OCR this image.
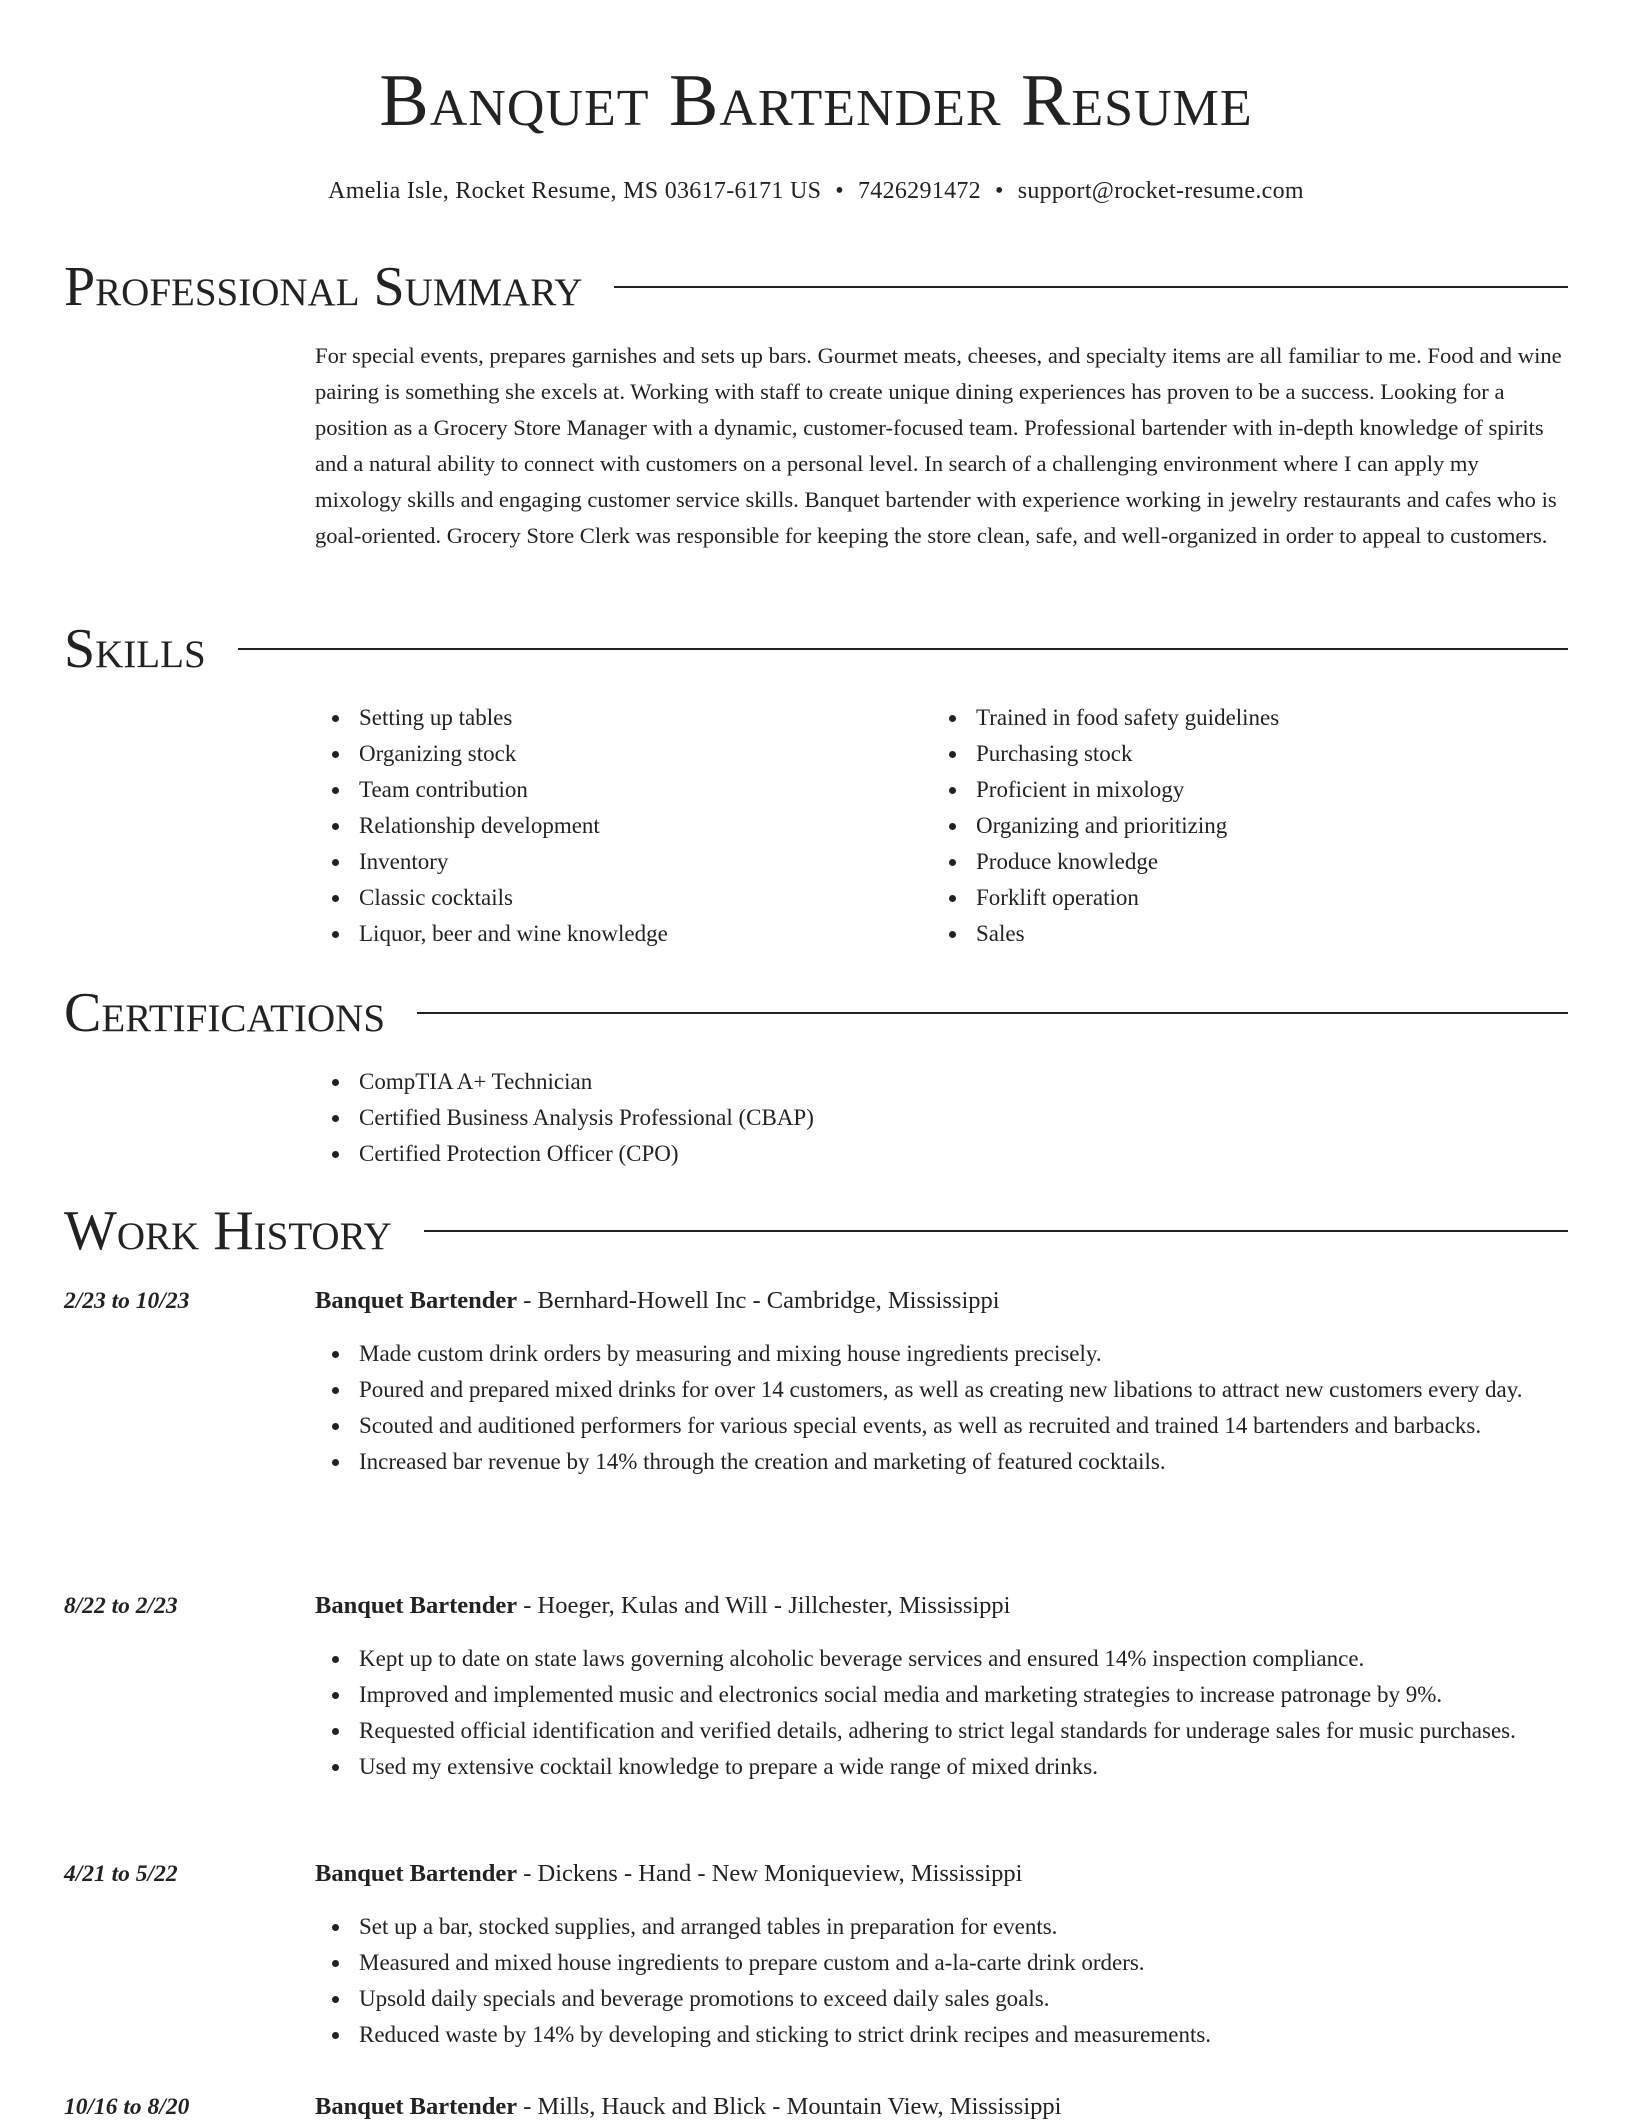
Banquet Bartender Resume
Amelia Isle, Rocket Resume, MS 03617-6171 US • 7426291472 • support@rocket-resume.com
Professional Summary

For special events, prepares garnishes and sets up bars. Gourmet meats, cheeses, and specialty items are all familiar to me. Food and wine pairing is something she excels at. Working with staff to create unique dining experiences has proven to be a success. Looking for a position as a Grocery Store Manager with a dynamic, customer-focused team. Professional bartender with in-depth knowledge of spirits and a natural ability to connect with customers on a personal level. In search of a challenging environment where I can apply my mixology skills and engaging customer service skills. Banquet bartender with experience working in jewelry restaurants and cafes who is goal-oriented. Grocery Store Clerk was responsible for keeping the store clean, safe, and well-organized in order to appeal to customers.

Skills
Setting up tables
Organizing stock
Team contribution
Relationship development
Inventory
Classic cocktails
Liquor, beer and wine knowledge
Trained in food safety guidelines
Purchasing stock
Proficient in mixology
Organizing and prioritizing
Produce knowledge
Forklift operation
Sales
Certifications
CompTIA A+ Technician
Certified Business Analysis Professional (CBAP)
Certified Protection Officer (CPO)
Work History
2/23 to 10/23	Banquet Bartender - Bernhard-Howell Inc - Cambridge, Mississippi
Made custom drink orders by measuring and mixing house ingredients precisely.
Poured and prepared mixed drinks for over 14 customers, as well as creating new libations to attract new customers every day.
Scouted and auditioned performers for various special events, as well as recruited and trained 14 bartenders and barbacks.
Increased bar revenue by 14% through the creation and marketing of featured cocktails.
8/22 to 2/23	Banquet Bartender - Hoeger, Kulas and Will - Jillchester, Mississippi
Kept up to date on state laws governing alcoholic beverage services and ensured 14% inspection compliance.
Improved and implemented music and electronics social media and marketing strategies to increase patronage by 9%.
Requested official identification and verified details, adhering to strict legal standards for underage sales for music purchases.
Used my extensive cocktail knowledge to prepare a wide range of mixed drinks.
4/21 to 5/22	Banquet Bartender - Dickens - Hand - New Moniqueview, Mississippi
Set up a bar, stocked supplies, and arranged tables in preparation for events.
Measured and mixed house ingredients to prepare custom and a-la-carte drink orders.
Upsold daily specials and beverage promotions to exceed daily sales goals.
Reduced waste by 14% by developing and sticking to strict drink recipes and measurements.
10/16 to 8/20	Banquet Bartender - Mills, Hauck and Blick - Mountain View, Mississippi
